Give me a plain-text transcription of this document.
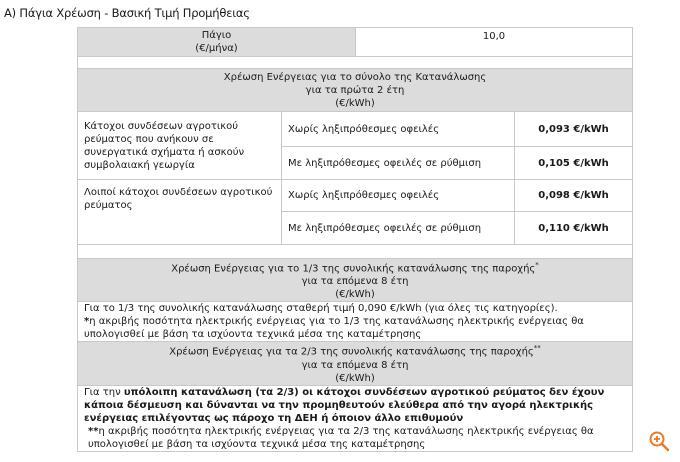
Α) Πάγια Χρέωση - Βασική Τιμή Προμήθειας
Πάγιο
(€/μήνα)		10,0	

Χρέωση Ενέργειας για το σύνολο της Κατανάλωσης
για τα πρώτα 2 έτη
(€/kWh)			

Κάτοχοι συνδέσεων αγροτικού ρεύματος που ανήκουν σε συνεργατικά σχήματα ή ασκούν συμβολαιακή γεωργία	Χωρίς ληξιπρόθεσμες οφειλές		0,093 €/kWh
	Με ληξιπρόθεσμες οφειλές σε ρύθμιση		0,105 €/kWh
Λοιποί κάτοχοι συνδέσεων αγροτικού ρεύματος	Χωρίς ληξιπρόθεσμες οφειλές		0,098 €/kWh
	Με ληξιπρόθεσμες οφειλές σε ρύθμιση		0,110 €/kWh

Χρέωση Ενέργειας για το 1/3 της συνολικής κατανάλωσης της παροχής*
για τα επόμενα 8 έτη
(€/kWh)			

Για το 1/3 της συνολικής κατανάλωσης σταθερή τιμή 0,090 €/kWh (για όλες τις κατηγορίες).
*η ακριβής ποσότητα ηλεκτρικής ενέργειας για το 1/3 της κατανάλωσης ηλεκτρικής ενέργειας θα υπολογισθεί με βάση τα ισχύοντα τεχνικά μέσα της καταμέτρησης			

Χρέωση Ενέργειας για τα 2/3 της συνολικής κατανάλωσης της παροχής**
για τα επόμενα 8 έτη
(€/kWh)			

Για την υπόλοιπη κατανάλωση (τα 2/3) οι κάτοχοι συνδέσεων αγροτικού ρεύματος δεν έχουν κάποια δέσμευση και δύνανται να την προμηθευτούν ελεύθερα από την αγορά ηλεκτρικής ενέργειας επιλέγοντας ως πάροχο τη ΔΕΗ ή όποιον άλλο επιθυμούν
**η ακριβής ποσότητα ηλεκτρικής ενέργειας για τα 2/3 της κατανάλωσης ηλεκτρικής ενέργειας θα υπολογισθεί με βάση τα ισχύοντα τεχνικά μέσα της καταμέτρησης			
